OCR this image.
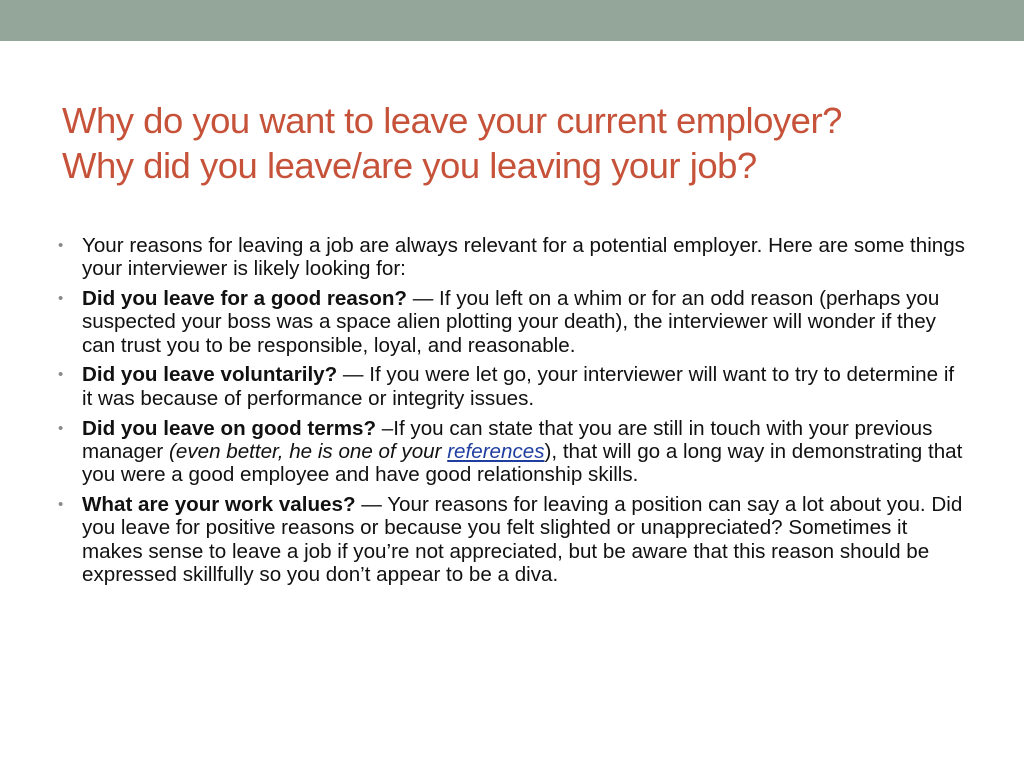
Why do you want to leave your current employer?
Why did you leave/are you leaving your job?
• Your reasons for leaving a job are always relevant for a potential employer. Here are some things your interviewer is likely looking for:
• Did you leave for a good reason? — If you left on a whim or for an odd reason (perhaps you suspected your boss was a space alien plotting your death), the interviewer will wonder if they can trust you to be responsible, loyal, and reasonable.
• Did you leave voluntarily? — If you were let go, your interviewer will want to try to determine if it was because of performance or integrity issues.
• Did you leave on good terms? –If you can state that you are still in touch with your previous manager (even better, he is one of your references), that will go a long way in demonstrating that you were a good employee and have good relationship skills.
• What are your work values? — Your reasons for leaving a position can say a lot about you. Did you leave for positive reasons or because you felt slighted or unappreciated? Sometimes it makes sense to leave a job if you’re not appreciated, but be aware that this reason should be expressed skillfully so you don’t appear to be a diva.
